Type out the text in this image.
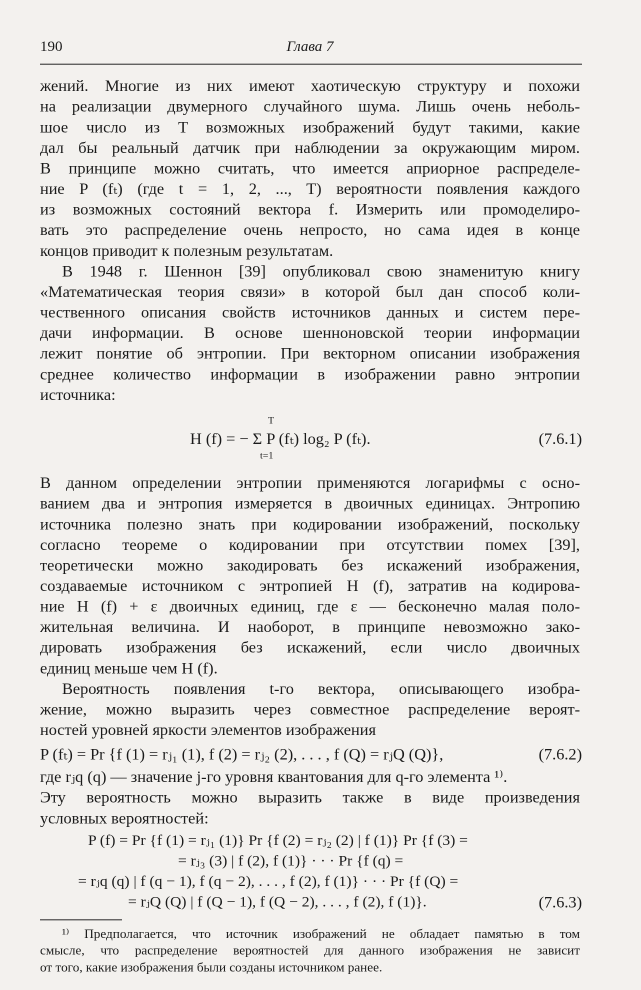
190	Глава 7
жений. Многие из них имеют хаотическую структуру и похожи
на реализации двумерного случайного шума. Лишь очень неболь-
шое число из T возможных изображений будут такими, какие
дал бы реальный датчик при наблюдении за окружающим миром.
В принципе можно считать, что имеется априорное распределе-
ние P (fₜ) (где t = 1, 2, ..., T) вероятности появления каждого
из возможных состояний вектора f. Измерить или промоделиро-
вать это распределение очень непросто, но сама идея в конце
концов приводит к полезным результатам.
В 1948 г. Шеннон [39] опубликовал свою знаменитую книгу
«Математическая теория связи» в которой был дан способ коли-
чественного описания свойств источников данных и систем пере-
дачи информации. В основе шенноновской теории информации
лежит понятие об энтропии. При векторном описании изображения
среднее количество информации в изображении равно энтропии
источника:
T
H (f) = − Σ P (fₜ) log₂ P (fₜ).
t=1
(7.6.1)
В данном определении энтропии применяются логарифмы с осно-
ванием два и энтропия измеряется в двоичных единицах. Энтропию
источника полезно знать при кодировании изображений, поскольку
согласно теореме о кодировании при отсутствии помех [39],
теоретически можно закодировать без искажений изображения,
создаваемые источником с энтропией H (f), затратив на кодирова-
ние H (f) + ε двоичных единиц, где ε — бесконечно малая поло-
жительная величина. И наоборот, в принципе невозможно зако-
дировать изображения без искажений, если число двоичных
единиц меньше чем H (f).
Вероятность появления t-го вектора, описывающего изобра-
жение, можно выразить через совместное распределение вероят-
ностей уровней яркости элементов изображения
P (fₜ) = Pr {f (1) = rⱼ₁ (1), f (2) = rⱼ₂ (2), . . . , f (Q) = rⱼQ (Q)},	(7.6.2)
где rⱼq (q) — значение j-го уровня квантования для q-го элемента ¹⁾.
Эту вероятность можно выразить также в виде произведения
условных вероятностей:
P (f) = Pr {f (1) = rⱼ₁ (1)} Pr {f (2) = rⱼ₂ (2) | f (1)} Pr {f (3) =
= rⱼ₃ (3) | f (2), f (1)} · · · Pr {f (q) =
= rⱼq (q) | f (q − 1), f (q − 2), . . . , f (2), f (1)} · · · Pr {f (Q) =
= rⱼQ (Q) | f (Q − 1), f (Q − 2), . . . , f (2), f (1)}.	(7.6.3)
¹⁾ Предполагается, что источник изображений не обладает памятью в том
смысле, что распределение вероятностей для данного изображения не зависит
от того, какие изображения были созданы источником ранее.
